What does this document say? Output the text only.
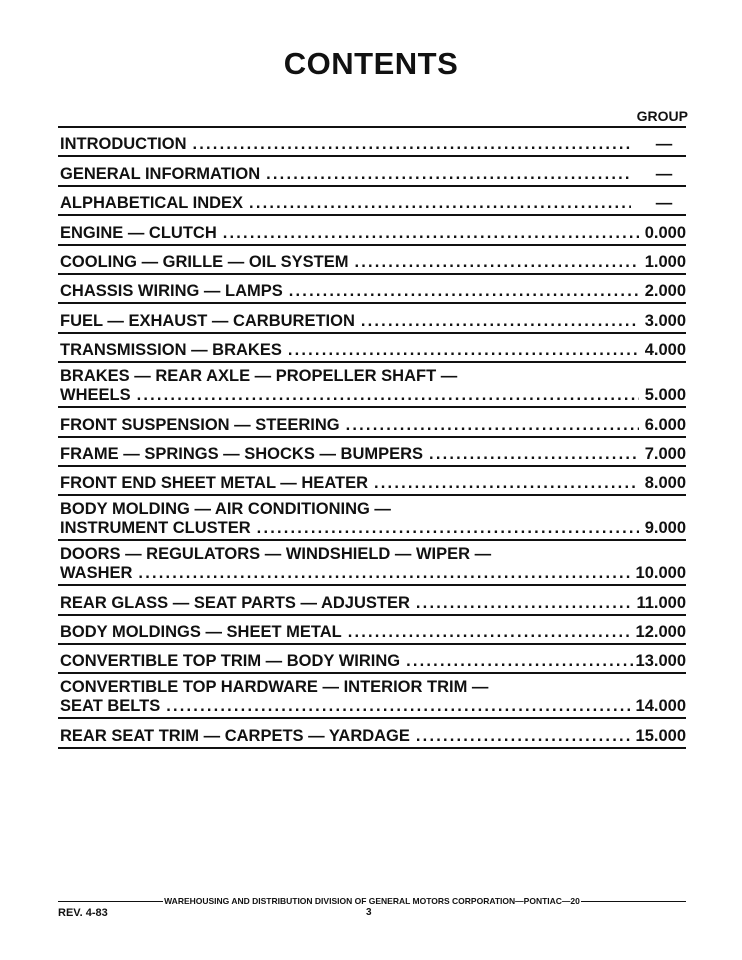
CONTENTS
GROUP
INTRODUCTION . . .	—
GENERAL INFORMATION . . .	—
ALPHABETICAL INDEX . . .	—
ENGINE — CLUTCH . . .	0.000
COOLING — GRILLE — OIL SYSTEM . . .	1.000
CHASSIS WIRING — LAMPS . . .	2.000
FUEL — EXHAUST — CARBURETION . . .	3.000
TRANSMISSION — BRAKES . . .	4.000
BRAKES — REAR AXLE — PROPELLER SHAFT —
WHEELS . . .	5.000
FRONT SUSPENSION — STEERING . . .	6.000
FRAME — SPRINGS — SHOCKS — BUMPERS . . .	7.000
FRONT END SHEET METAL — HEATER . . .	8.000
BODY MOLDING — AIR CONDITIONING —
INSTRUMENT CLUSTER . . .	9.000
DOORS — REGULATORS — WINDSHIELD — WIPER —
WASHER . . .	10.000
REAR GLASS — SEAT PARTS — ADJUSTER . . .	11.000
BODY MOLDINGS — SHEET METAL . . .	12.000
CONVERTIBLE TOP TRIM — BODY WIRING . . .	13.000
CONVERTIBLE TOP HARDWARE — INTERIOR TRIM —
SEAT BELTS . . .	14.000
REAR SEAT TRIM — CARPETS — YARDAGE . . .	15.000
WAREHOUSING AND DISTRIBUTION DIVISION OF GENERAL MOTORS CORPORATION—PONTIAC—20
REV. 4-83	3
